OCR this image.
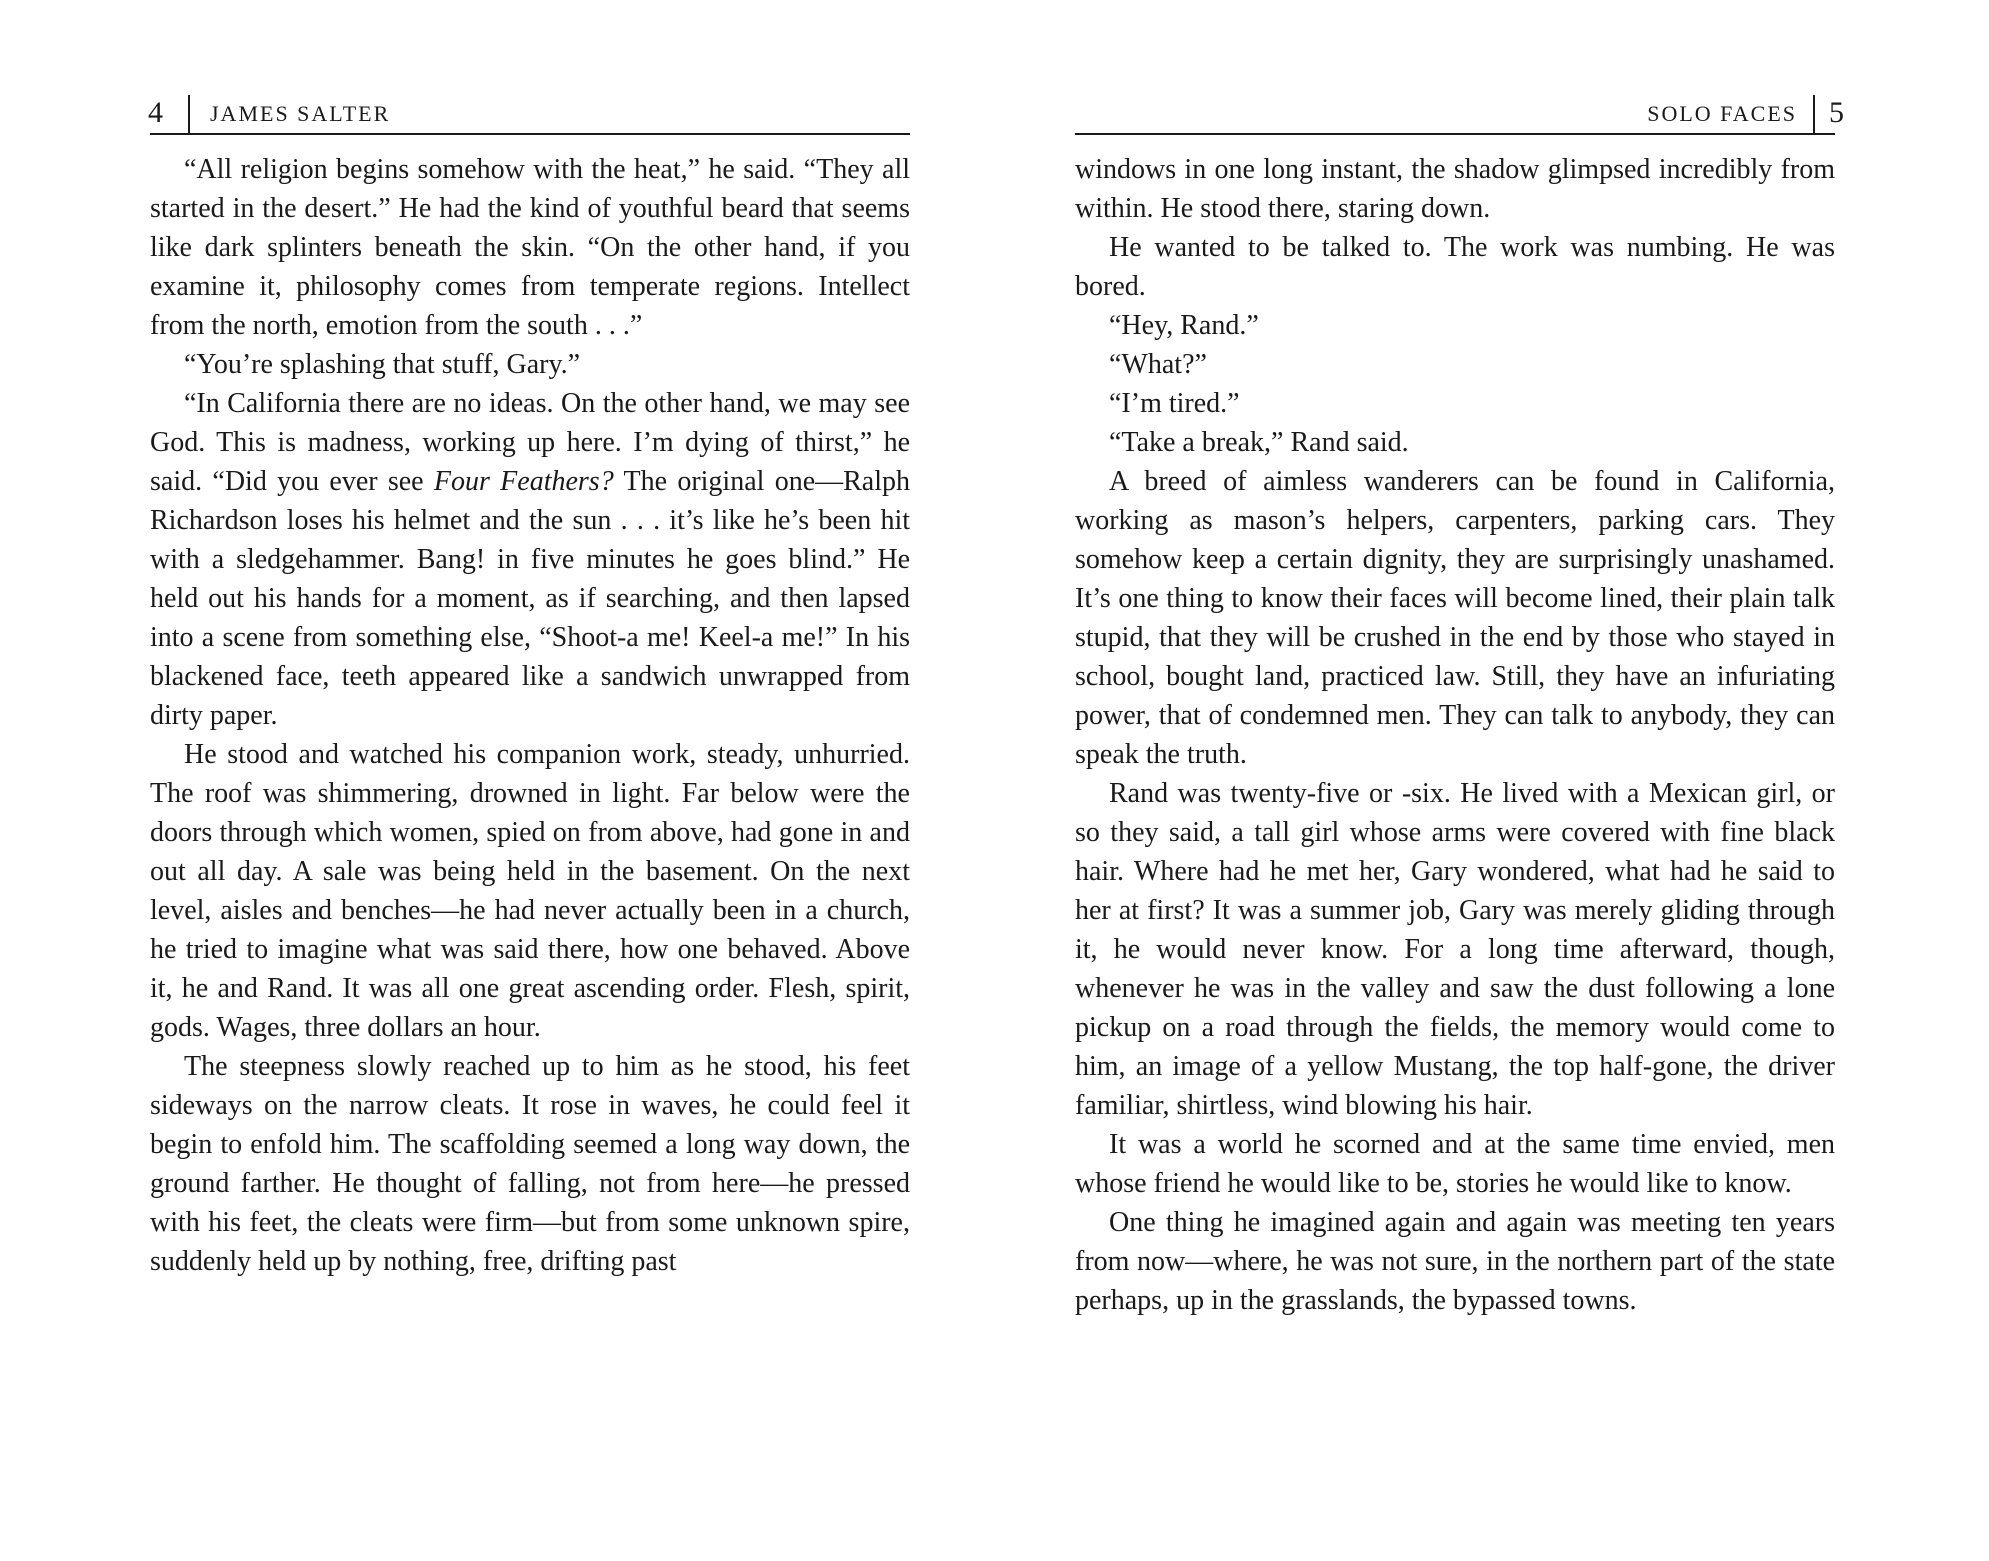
4 JAMES SALTER

“All religion begins somehow with the heat,” he said. “They all started in the desert.” He had the kind of youthful beard that seems like dark splinters beneath the skin. “On the other hand, if you examine it, philosophy comes from temperate regions. Intellect from the north, emotion from the south . . .”

“You’re splashing that stuff, Gary.”

“In California there are no ideas. On the other hand, we may see God. This is madness, working up here. I’m dying of thirst,” he said. “Did you ever see Four Feathers? The original one—Ralph Richardson loses his helmet and the sun . . . it’s like he’s been hit with a sledgehammer. Bang! in five minutes he goes blind.” He held out his hands for a moment, as if searching, and then lapsed into a scene from something else, “Shoot-a me! Keel-a me!” In his blackened face, teeth appeared like a sandwich unwrapped from dirty paper.

He stood and watched his companion work, steady, unhurried. The roof was shimmering, drowned in light. Far below were the doors through which women, spied on from above, had gone in and out all day. A sale was being held in the basement. On the next level, aisles and benches—he had never actually been in a church, he tried to imagine what was said there, how one behaved. Above it, he and Rand. It was all one great ascending order. Flesh, spirit, gods. Wages, three dollars an hour.

The steepness slowly reached up to him as he stood, his feet sideways on the narrow cleats. It rose in waves, he could feel it begin to enfold him. The scaffolding seemed a long way down, the ground farther. He thought of falling, not from here—he pressed with his feet, the cleats were firm—but from some unknown spire, suddenly held up by nothing, free, drifting past

SOLO FACES 5

windows in one long instant, the shadow glimpsed incredibly from within. He stood there, staring down.

He wanted to be talked to. The work was numbing. He was bored.

“Hey, Rand.”

“What?”

“I’m tired.”

“Take a break,” Rand said.

A breed of aimless wanderers can be found in California, working as mason’s helpers, carpenters, parking cars. They somehow keep a certain dignity, they are surprisingly unashamed. It’s one thing to know their faces will become lined, their plain talk stupid, that they will be crushed in the end by those who stayed in school, bought land, practiced law. Still, they have an infuriating power, that of condemned men. They can talk to anybody, they can speak the truth.

Rand was twenty-five or -six. He lived with a Mexican girl, or so they said, a tall girl whose arms were covered with fine black hair. Where had he met her, Gary wondered, what had he said to her at first? It was a summer job, Gary was merely gliding through it, he would never know. For a long time afterward, though, whenever he was in the valley and saw the dust following a lone pickup on a road through the fields, the memory would come to him, an image of a yellow Mustang, the top half-gone, the driver familiar, shirtless, wind blowing his hair.

It was a world he scorned and at the same time envied, men whose friend he would like to be, stories he would like to know.

One thing he imagined again and again was meeting ten years from now—where, he was not sure, in the northern part of the state perhaps, up in the grasslands, the bypassed towns.
